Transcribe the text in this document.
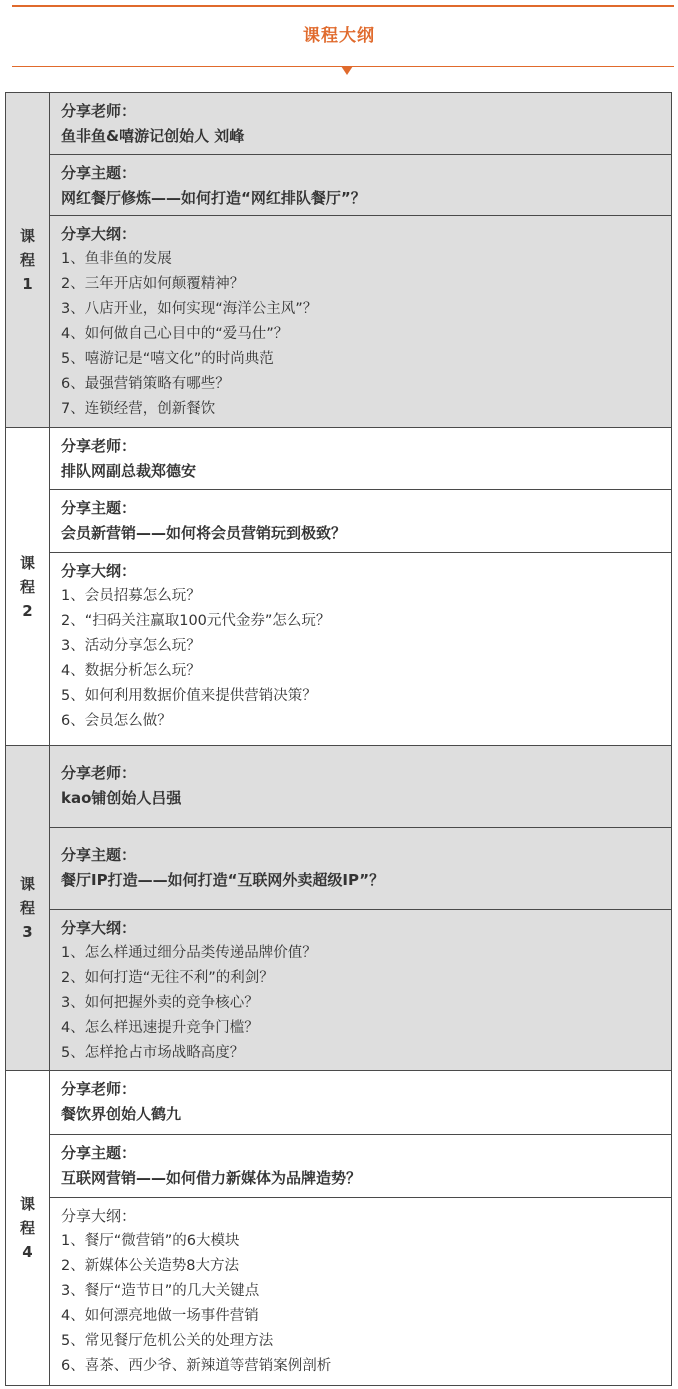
课程大纲
课
程
1
分享老师：
鱼非鱼&嘻游记创始人 刘峰
分享主题：
网红餐厅修炼——如何打造“网红排队餐厅”？
分享大纲：
1、鱼非鱼的发展
2、三年开店如何颠覆精神？
3、八店开业，如何实现“海洋公主风”？
4、如何做自己心目中的“爱马仕”？
5、嘻游记是“嘻文化”的时尚典范
6、最强营销策略有哪些？
7、连锁经营，创新餐饮
课
程
2
分享老师：
排队网副总裁郑德安
分享主题：
会员新营销——如何将会员营销玩到极致？
分享大纲：
1、会员招募怎么玩？
2、“扫码关注赢取100元代金券”怎么玩？
3、活动分享怎么玩？
4、数据分析怎么玩？
5、如何利用数据价值来提供营销决策？
6、会员怎么做？
课
程
3
分享老师：
kao铺创始人吕强
分享主题：
餐厅IP打造——如何打造“互联网外卖超级IP”？
分享大纲：
1、怎么样通过细分品类传递品牌价值？
2、如何打造“无往不利”的利剑？
3、如何把握外卖的竞争核心？
4、怎么样迅速提升竞争门槛？
5、怎样抢占市场战略高度？
课
程
4
分享老师：
餐饮界创始人鹤九
分享主题：
互联网营销——如何借力新媒体为品牌造势？
分享大纲：
1、餐厅“微营销”的6大模块
2、新媒体公关造势8大方法
3、餐厅“造节日”的几大关键点
4、如何漂亮地做一场事件营销
5、常见餐厅危机公关的处理方法
6、喜茶、西少爷、新辣道等营销案例剖析
